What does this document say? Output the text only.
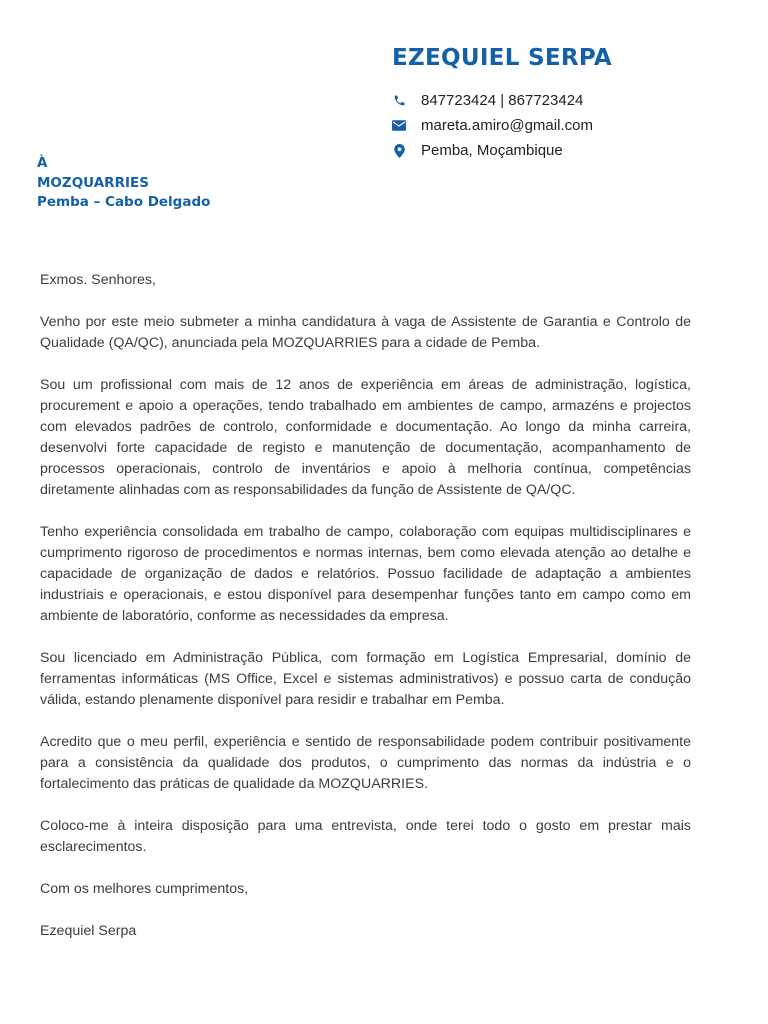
EZEQUIEL SERPA
847723424 | 867723424
mareta.amiro@gmail.com
Pemba, Moçambique
À
MOZQUARRIES
Pemba – Cabo Delgado

Exmos. Senhores,

Venho por este meio submeter a minha candidatura à vaga de Assistente de Garantia e Controlo de Qualidade (QA/QC), anunciada pela MOZQUARRIES para a cidade de Pemba.

Sou um profissional com mais de 12 anos de experiência em áreas de administração, logística, procurement e apoio a operações, tendo trabalhado em ambientes de campo, armazéns e projectos com elevados padrões de controlo, conformidade e documentação. Ao longo da minha carreira, desenvolvi forte capacidade de registo e manutenção de documentação, acompanhamento de processos operacionais, controlo de inventários e apoio à melhoria contínua, competências diretamente alinhadas com as responsabilidades da função de Assistente de QA/QC.

Tenho experiência consolidada em trabalho de campo, colaboração com equipas multidisciplinares e cumprimento rigoroso de procedimentos e normas internas, bem como elevada atenção ao detalhe e capacidade de organização de dados e relatórios. Possuo facilidade de adaptação a ambientes industriais e operacionais, e estou disponível para desempenhar funções tanto em campo como em ambiente de laboratório, conforme as necessidades da empresa.

Sou licenciado em Administração Pública, com formação em Logística Empresarial, domínio de ferramentas informáticas (MS Office, Excel e sistemas administrativos) e possuo carta de condução válida, estando plenamente disponível para residir e trabalhar em Pemba.

Acredito que o meu perfil, experiência e sentido de responsabilidade podem contribuir positivamente para a consistência da qualidade dos produtos, o cumprimento das normas da indústria e o fortalecimento das práticas de qualidade da MOZQUARRIES.

Coloco-me à inteira disposição para uma entrevista, onde terei todo o gosto em prestar mais esclarecimentos.

Com os melhores cumprimentos,

Ezequiel Serpa
